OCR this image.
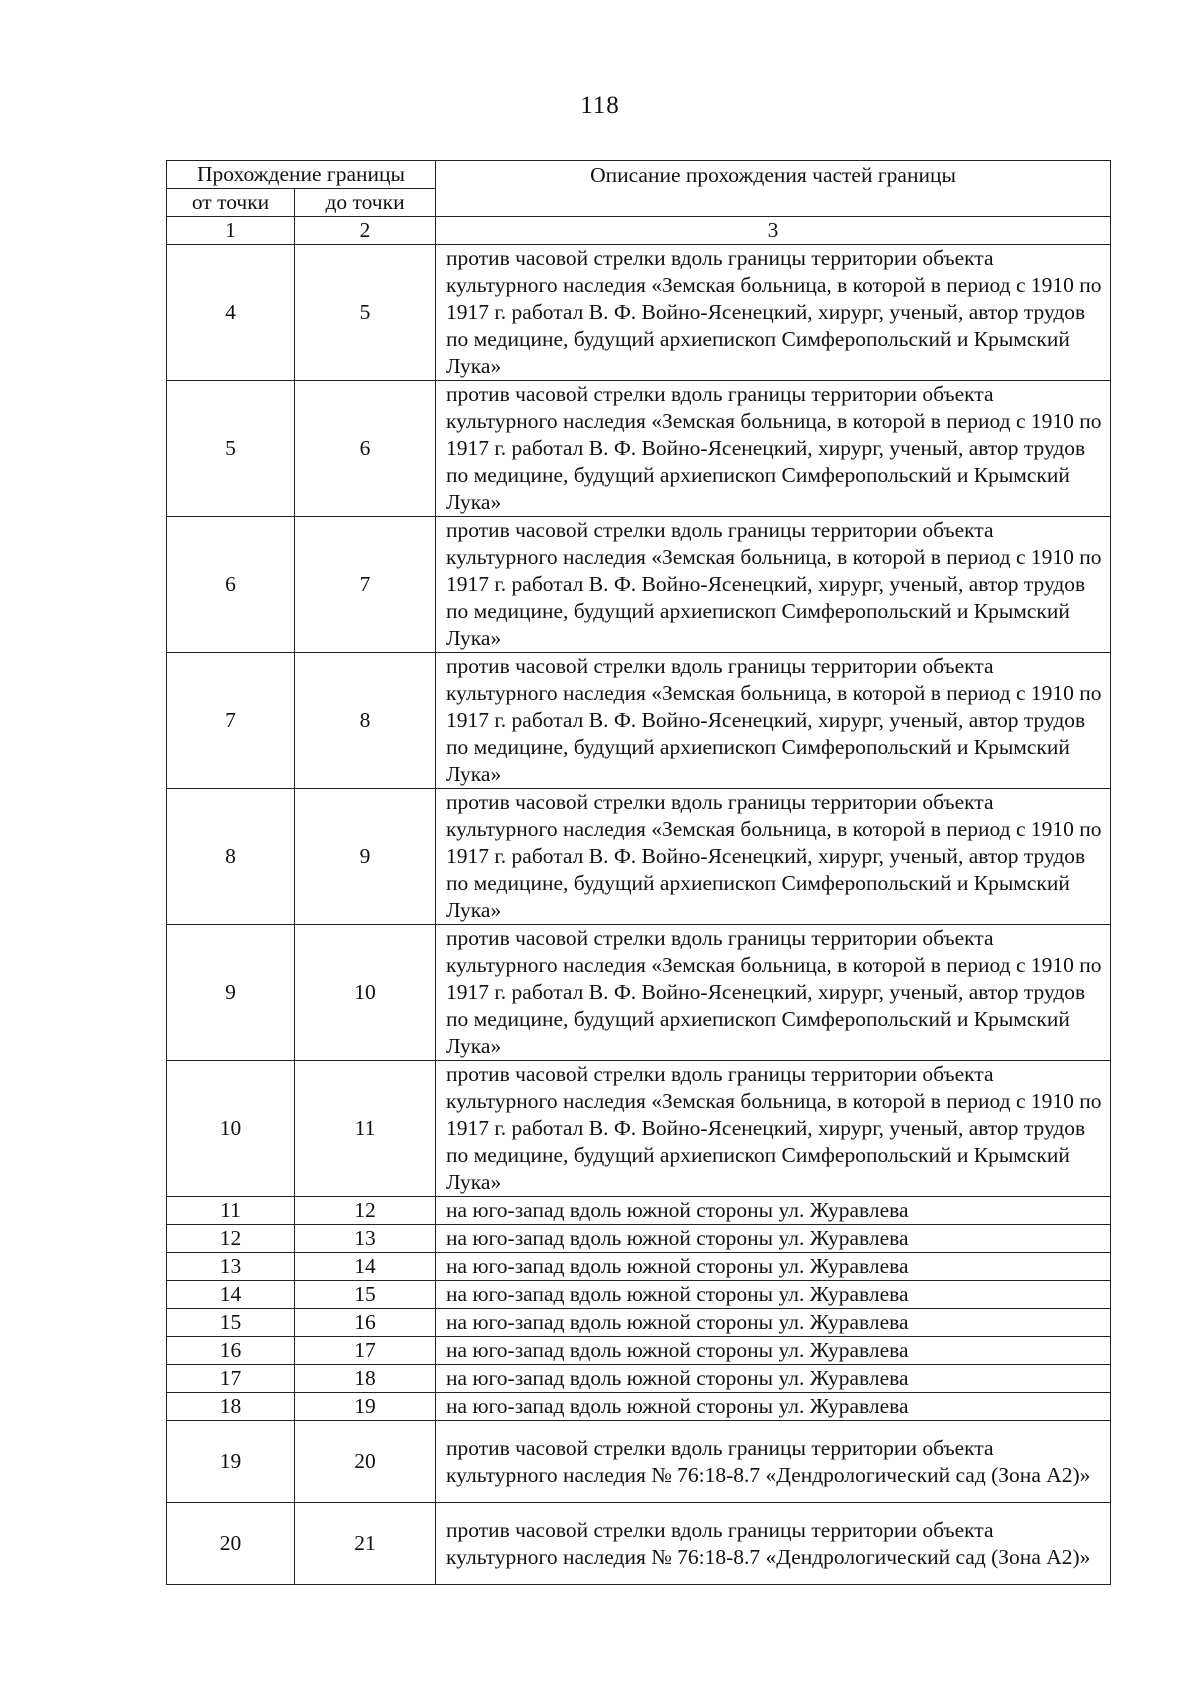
118
Прохождение границы		Описание прохождения частей границы
от точки	до точки	
1	2	3
4	5	против часовой стрелки вдоль границы территории объекта культурного наследия «Земская больница, в которой в период с 1910 по 1917 г. работал В. Ф. Войно-Ясенецкий, хирург, ученый, автор трудов по медицине, будущий архиепископ Симферопольский и Крымский Лука»
5	6	против часовой стрелки вдоль границы территории объекта культурного наследия «Земская больница, в которой в период с 1910 по 1917 г. работал В. Ф. Войно-Ясенецкий, хирург, ученый, автор трудов по медицине, будущий архиепископ Симферопольский и Крымский Лука»
6	7	против часовой стрелки вдоль границы территории объекта культурного наследия «Земская больница, в которой в период с 1910 по 1917 г. работал В. Ф. Войно-Ясенецкий, хирург, ученый, автор трудов по медицине, будущий архиепископ Симферопольский и Крымский Лука»
7	8	против часовой стрелки вдоль границы территории объекта культурного наследия «Земская больница, в которой в период с 1910 по 1917 г. работал В. Ф. Войно-Ясенецкий, хирург, ученый, автор трудов по медицине, будущий архиепископ Симферопольский и Крымский Лука»
8	9	против часовой стрелки вдоль границы территории объекта культурного наследия «Земская больница, в которой в период с 1910 по 1917 г. работал В. Ф. Войно-Ясенецкий, хирург, ученый, автор трудов по медицине, будущий архиепископ Симферопольский и Крымский Лука»
9	10	против часовой стрелки вдоль границы территории объекта культурного наследия «Земская больница, в которой в период с 1910 по 1917 г. работал В. Ф. Войно-Ясенецкий, хирург, ученый, автор трудов по медицине, будущий архиепископ Симферопольский и Крымский Лука»
10	11	против часовой стрелки вдоль границы территории объекта культурного наследия «Земская больница, в которой в период с 1910 по 1917 г. работал В. Ф. Войно-Ясенецкий, хирург, ученый, автор трудов по медицине, будущий архиепископ Симферопольский и Крымский Лука»
11	12	на юго-запад вдоль южной стороны ул. Журавлева
12	13	на юго-запад вдоль южной стороны ул. Журавлева
13	14	на юго-запад вдоль южной стороны ул. Журавлева
14	15	на юго-запад вдоль южной стороны ул. Журавлева
15	16	на юго-запад вдоль южной стороны ул. Журавлева
16	17	на юго-запад вдоль южной стороны ул. Журавлева
17	18	на юго-запад вдоль южной стороны ул. Журавлева
18	19	на юго-запад вдоль южной стороны ул. Журавлева
19	20	против часовой стрелки вдоль границы территории объекта культурного наследия № 76:18-8.7 «Дендрологический сад (Зона А2)»
20	21	против часовой стрелки вдоль границы территории объекта культурного наследия № 76:18-8.7 «Дендрологический сад (Зона А2)»
